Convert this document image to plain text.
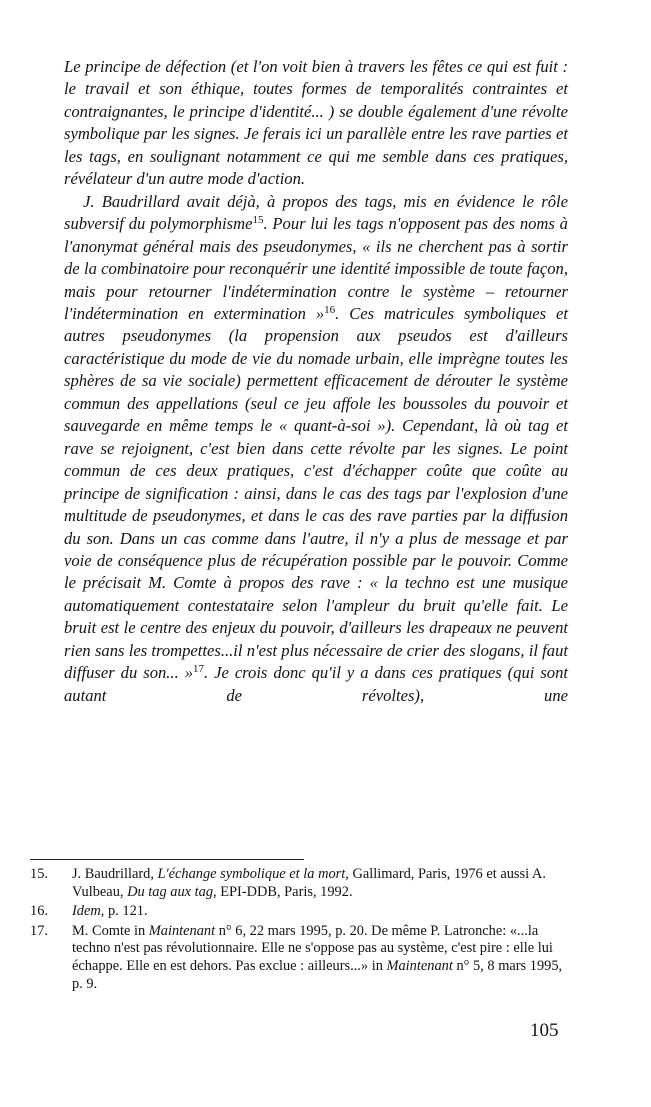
Le principe de défection (et l'on voit bien à travers les fêtes ce qui est fuit : le travail et son éthique, toutes formes de temporalités contraintes et contraignantes, le principe d'identité... ) se double également d'une révolte symbolique par les signes. Je ferais ici un parallèle entre les rave parties et les tags, en soulignant notamment ce qui me semble dans ces pratiques, révélateur d'un autre mode d'action.

J. Baudrillard avait déjà, à propos des tags, mis en évidence le rôle subversif du polymorphisme$^{15}$. Pour lui les tags n'opposent pas des noms à l'anonymat général mais des pseudonymes, « ils ne cherchent pas à sortir de la combinatoire pour reconquérir une identité impossible de toute façon, mais pour retourner l'indétermination contre le système – retourner l'indétermination en extermination »$^{16}$. Ces matricules symboliques et autres pseudonymes (la propension aux pseudos est d'ailleurs caractéristique du mode de vie du nomade urbain, elle imprègne toutes les sphères de sa vie sociale) permettent efficacement de dérouter le système commun des appellations (seul ce jeu affole les boussoles du pouvoir et sauvegarde en même temps le « quant-à-soi »). Cependant, là où tag et rave se rejoignent, c'est bien dans cette révolte par les signes. Le point commun de ces deux pratiques, c'est d'échapper coûte que coûte au principe de signification : ainsi, dans le cas des tags par l'explosion d'une multitude de pseudonymes, et dans le cas des rave parties par la diffusion du son. Dans un cas comme dans l'autre, il n'y a plus de message et par voie de conséquence plus de récupération possible par le pouvoir. Comme le précisait M. Comte à propos des rave : « la techno est une musique automatiquement contestataire selon l'ampleur du bruit qu'elle fait. Le bruit est le centre des enjeux du pouvoir, d'ailleurs les drapeaux ne peuvent rien sans les trompettes...il n'est plus nécessaire de crier des slogans, il faut diffuser du son... »$^{17}$. Je crois donc qu'il y a dans ces pratiques (qui sont autant de révoltes), une

15. J. Baudrillard, L'échange symbolique et la mort, Gallimard, Paris, 1976 et aussi A. Vulbeau, Du tag aux tag, EPI-DDB, Paris, 1992.

16. Idem, p. 121.

17. M. Comte in Maintenant n° 6, 22 mars 1995, p. 20. De même P. Latronche: «...la techno n'est pas révolutionnaire. Elle ne s'oppose pas au système, c'est pire : elle lui échappe. Elle en est dehors. Pas exclue : ailleurs...» in Maintenant n° 5, 8 mars 1995, p. 9.

105
